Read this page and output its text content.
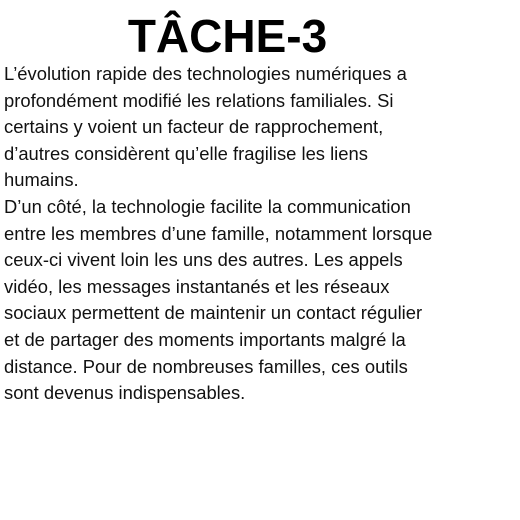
TÂCHE-3
L’évolution rapide des technologies numériques a
profondément modifié les relations familiales. Si
certains y voient un facteur de rapprochement,
d’autres considèrent qu’elle fragilise les liens
humains.
D’un côté, la technologie facilite la communication
entre les membres d’une famille, notamment lorsque
ceux-ci vivent loin les uns des autres. Les appels
vidéo, les messages instantanés et les réseaux
sociaux permettent de maintenir un contact régulier
et de partager des moments importants malgré la
distance. Pour de nombreuses familles, ces outils
sont devenus indispensables.
